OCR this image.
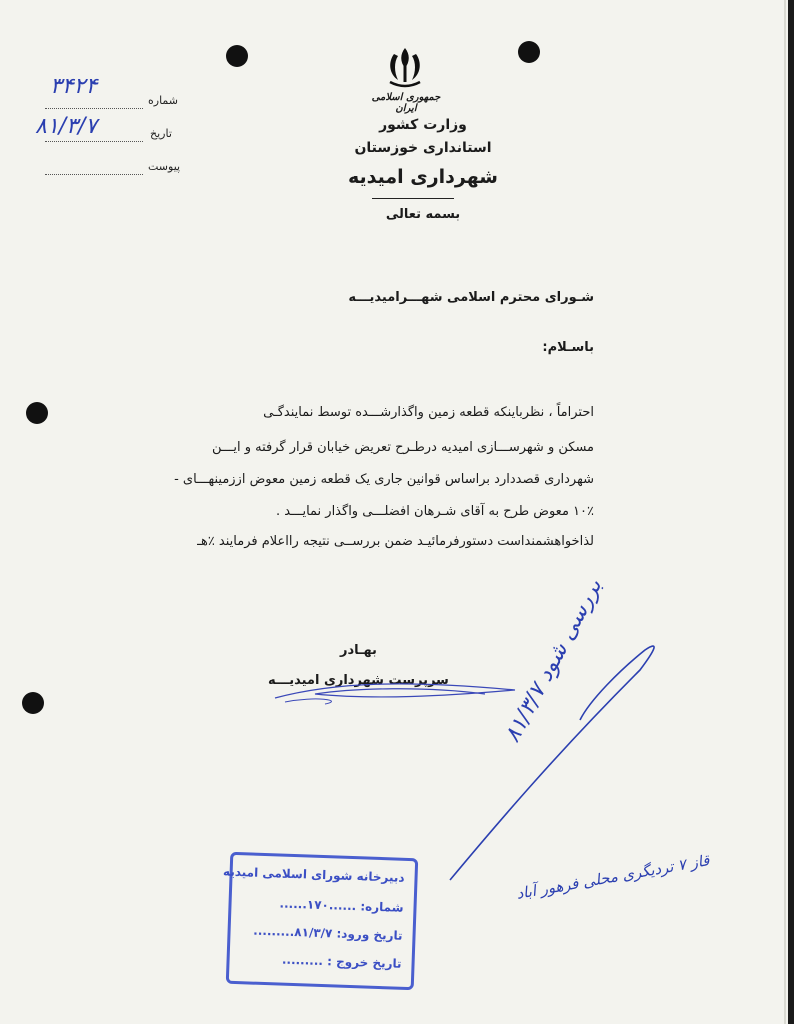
جمهوری اسلامی ایران
وزارت کشور
استانداری خوزستان
شهرداری امیدیه
بسمه تعالی
شماره
۳۴۲۴
تاریخ
۸۱/۳/۷
پیوست
شـورای محترم اسلامی شهـــرامیدیـــه
باسـلام:
احتراماً ، نظرباینکه قطعه زمین واگذارشـــده توسط نمایندگـی
مسکن و شهرســـازی امیدیه درطـرح تعریض خیابان قرار گرفته و ایـــن
شهرداری قصددارد براساس قوانین جاری یک قطعه زمین معوض اززمینهـــای -
۱۰٪ معوض طرح به آقای شـرهان افضلـــی واگذار نمایـــد .
لذاخواهشمنداست دستورفرمائیـد ضمن بررســی نتیجه رااعلام فرمایند ٪هـ
بهـادر
سرپرست شهرداری امیدیـــه بررسی شود ۸۱/۳/۷
قاز ۷ تردیگری محلی فرهور آباد
دبیرخانه شورای اسلامی امیدیه
شماره: ......۱۷۰......
تاریخ ورود: ۸۱/۳/۷.........
تاریخ خروج : .........
